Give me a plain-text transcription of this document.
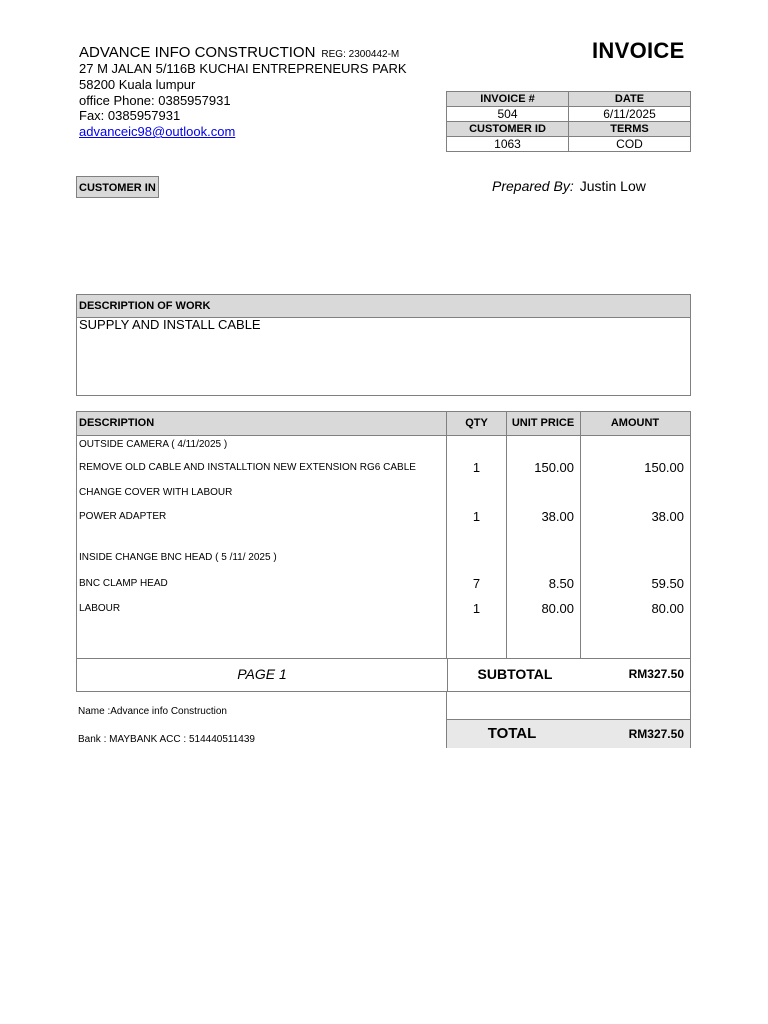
ADVANCE INFO CONSTRUCTION REG: 2300442-M
27 M JALAN 5/116B KUCHAI ENTREPRENEURS PARK
58200 Kuala lumpur
office Phone: 0385957931
Fax: 0385957931
advanceic98@outlook.com
INVOICE
INVOICE #	DATE
504	6/11/2025
CUSTOMER ID	TERMS
1063	COD
CUSTOMER IN	Prepared By: Justin Low
DESCRIPTION OF WORK
SUPPLY AND INSTALL CABLE
DESCRIPTION	QTY	UNIT PRICE	AMOUNT
OUTSIDE CAMERA ( 4/11/2025 )
REMOVE OLD CABLE AND INSTALLTION NEW EXTENSION RG6 CABLE	1	150.00	150.00
CHANGE COVER WITH LABOUR
POWER ADAPTER	1	38.00	38.00
INSIDE CHANGE BNC HEAD ( 5 /11/ 2025 )
BNC CLAMP HEAD	7	8.50	59.50
LABOUR	1	80.00	80.00
PAGE 1	SUBTOTAL	RM327.50
TOTAL	RM327.50
Name :Advance info Construction
Bank : MAYBANK ACC : 514440511439
